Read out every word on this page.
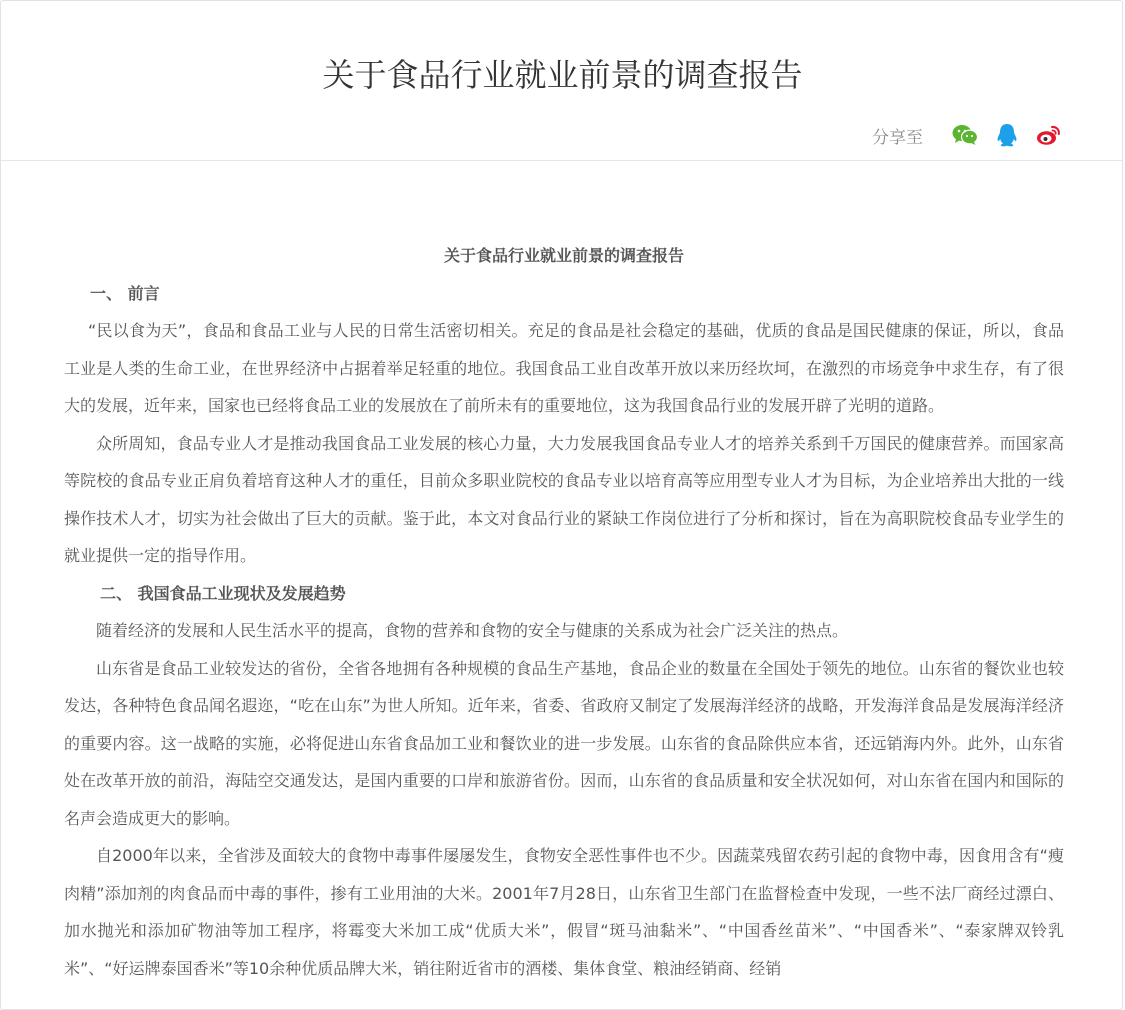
关于食品行业就业前景的调查报告
分享至

关于食品行业就业前景的调查报告

一、 前言

“民以食为天”，食品和食品工业与人民的日常生活密切相关。充足的食品是社会稳定的基础，优质的食品是国民健康的保证，所以，食品工业是人类的生命工业，在世界经济中占据着举足轻重的地位。我国食品工业自改革开放以来历经坎坷，在激烈的市场竞争中求生存，有了很大的发展，近年来，国家也已经将食品工业的发展放在了前所未有的重要地位，这为我国食品行业的发展开辟了光明的道路。

众所周知，食品专业人才是推动我国食品工业发展的核心力量，大力发展我国食品专业人才的培养关系到千万国民的健康营养。而国家高等院校的食品专业正肩负着培育这种人才的重任，目前众多职业院校的食品专业以培育高等应用型专业人才为目标，为企业培养出大批的一线操作技术人才，切实为社会做出了巨大的贡献。鉴于此，本文对食品行业的紧缺工作岗位进行了分析和探讨，旨在为高职院校食品专业学生的就业提供一定的指导作用。

二、 我国食品工业现状及发展趋势

随着经济的发展和人民生活水平的提高，食物的营养和食物的安全与健康的关系成为社会广泛关注的热点。

山东省是食品工业较发达的省份，全省各地拥有各种规模的食品生产基地，食品企业的数量在全国处于领先的地位。山东省的餐饮业也较发达，各种特色食品闻名遐迩，“吃在山东”为世人所知。近年来，省委、省政府又制定了发展海洋经济的战略，开发海洋食品是发展海洋经济的重要内容。这一战略的实施，必将促进山东省食品加工业和餐饮业的进一步发展。山东省的食品除供应本省，还远销海内外。此外，山东省处在改革开放的前沿，海陆空交通发达，是国内重要的口岸和旅游省份。因而，山东省的食品质量和安全状况如何，对山东省在国内和国际的名声会造成更大的影响。

自2000年以来，全省涉及面较大的食物中毒事件屡屡发生，食物安全恶性事件也不少。因蔬菜残留农药引起的食物中毒，因食用含有“瘦肉精”添加剂的肉食品而中毒的事件，掺有工业用油的大米。2001年7月28日，山东省卫生部门在监督检查中发现，一些不法厂商经过漂白、加水抛光和添加矿物油等加工程序，将霉变大米加工成“优质大米”，假冒“斑马油黏米”、“中国香丝苗米”、“中国香米”、“泰家牌双铃乳米”、“好运牌泰国香米”等10余种优质品牌大米，销往附近省市的酒楼、集体食堂、粮油经销商、经销
